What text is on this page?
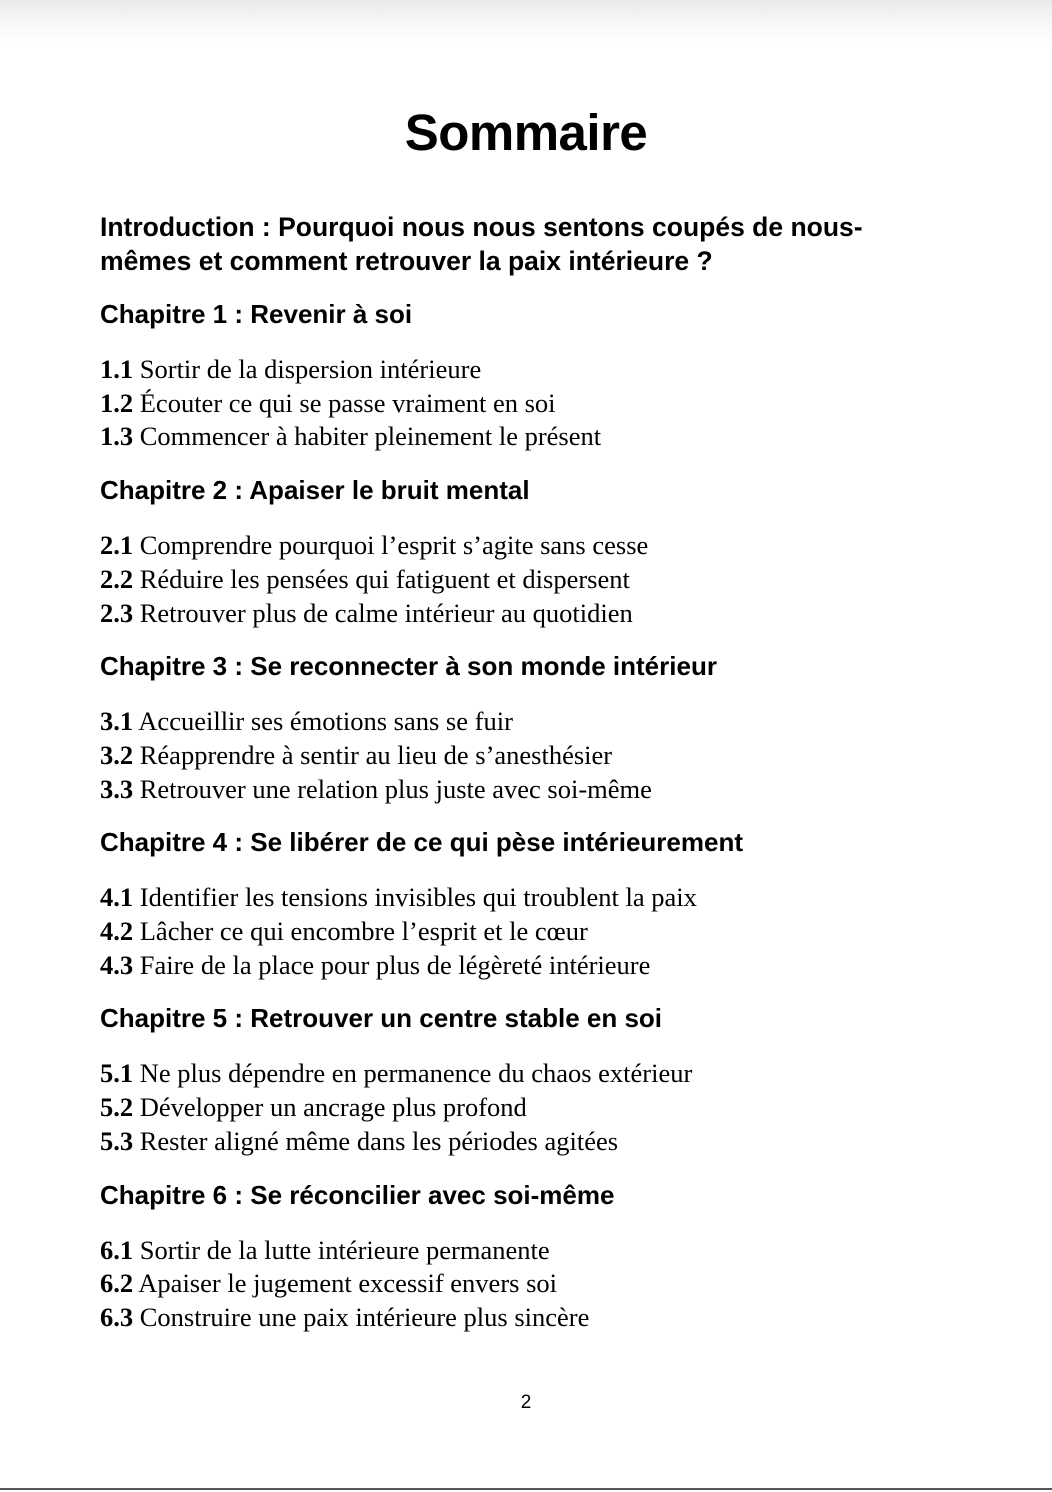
Sommaire
Introduction : Pourquoi nous nous sentons coupés de nous-mêmes et comment retrouver la paix intérieure ?
Chapitre 1 : Revenir à soi
1.1 Sortir de la dispersion intérieure
1.2 Écouter ce qui se passe vraiment en soi
1.3 Commencer à habiter pleinement le présent
Chapitre 2 : Apaiser le bruit mental
2.1 Comprendre pourquoi l’esprit s’agite sans cesse
2.2 Réduire les pensées qui fatiguent et dispersent
2.3 Retrouver plus de calme intérieur au quotidien
Chapitre 3 : Se reconnecter à son monde intérieur
3.1 Accueillir ses émotions sans se fuir
3.2 Réapprendre à sentir au lieu de s’anesthésier
3.3 Retrouver une relation plus juste avec soi-même
Chapitre 4 : Se libérer de ce qui pèse intérieurement
4.1 Identifier les tensions invisibles qui troublent la paix
4.2 Lâcher ce qui encombre l’esprit et le cœur
4.3 Faire de la place pour plus de légèreté intérieure
Chapitre 5 : Retrouver un centre stable en soi
5.1 Ne plus dépendre en permanence du chaos extérieur
5.2 Développer un ancrage plus profond
5.3 Rester aligné même dans les périodes agitées
Chapitre 6 : Se réconcilier avec soi-même
6.1 Sortir de la lutte intérieure permanente
6.2 Apaiser le jugement excessif envers soi
6.3 Construire une paix intérieure plus sincère
2
